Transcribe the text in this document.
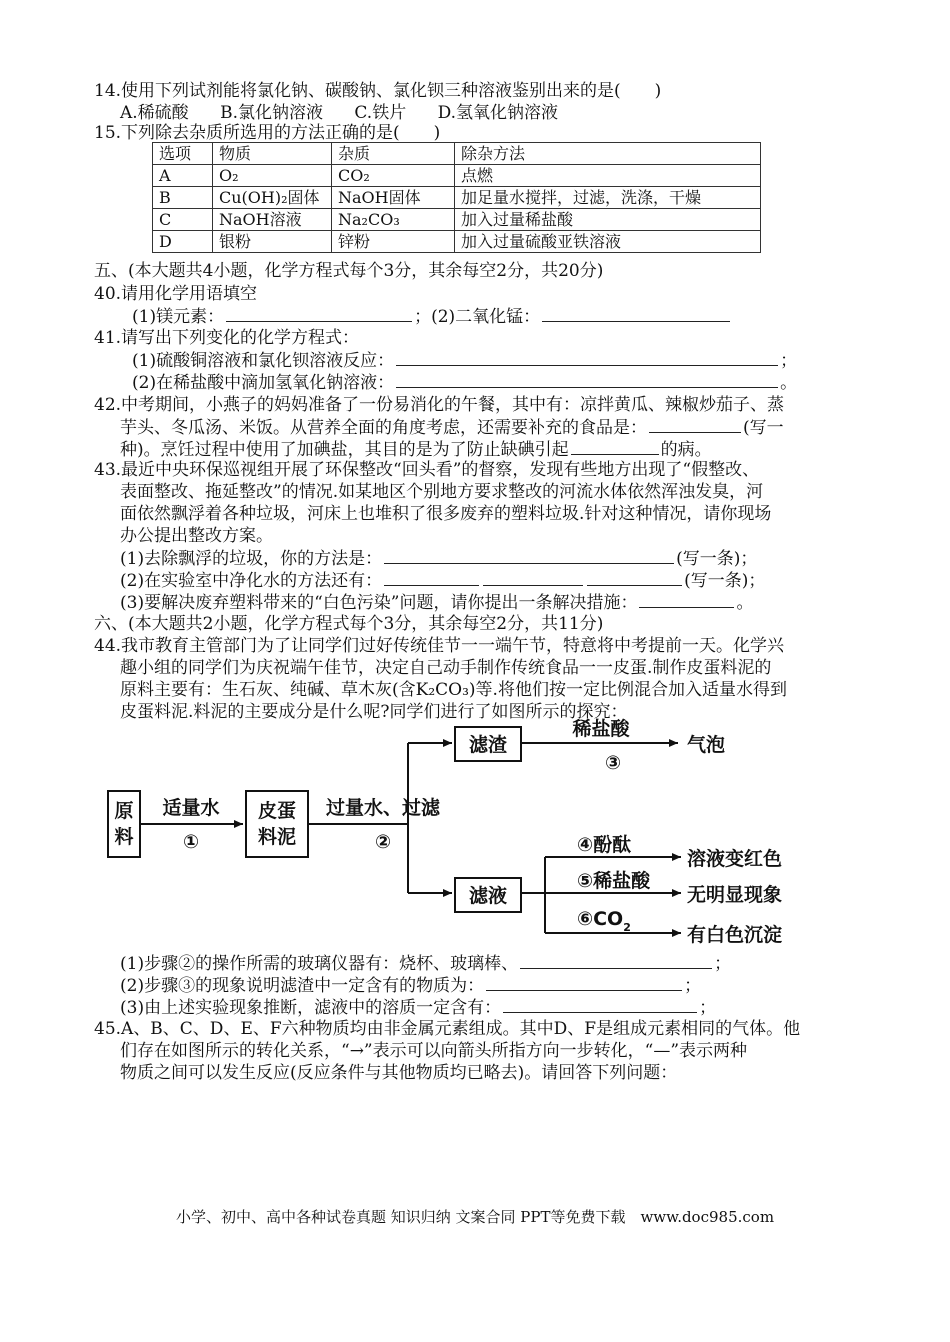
14.使用下列试剂能将氯化钠、碳酸钠、氯化钡三种溶液鉴别出来的是(　　)
A.稀硫酸 B.氯化钠溶液 C.铁片 D.氢氧化钠溶液
15.下列除去杂质所选用的方法正确的是(　　)
选项	物质	杂质	除杂方法
A	O₂	CO₂	点燃
B	Cu(OH)₂固体	NaOH固体	加足量水搅拌，过滤，洗涤，干燥
C	NaOH溶液	Na₂CO₃	加入过量稀盐酸
D	银粉	锌粉	加入过量硫酸亚铁溶液
五、(本大题共4小题，化学方程式每个3分，其余每空2分，共20分)
40.请用化学用语填空
(1)镁元素：	；(2)二氧化锰：
41.请写出下列变化的化学方程式：
(1)硫酸铜溶液和氯化钡溶液反应：	；
(2)在稀盐酸中滴加氢氧化钠溶液：	。
42.中考期间，小燕子的妈妈准备了一份易消化的午餐，其中有：凉拌黄瓜、辣椒炒茄子、蒸
芋头、冬瓜汤、米饭。从营养全面的角度考虑，还需要补充的食品是：	(写一
种)。烹饪过程中使用了加碘盐，其目的是为了防止缺碘引起	的病。
43.最近中央环保巡视组开展了环保整改“回头看”的督察，发现有些地方出现了“假整改、
表面整改、拖延整改”的情况.如某地区个别地方要求整改的河流水体依然浑浊发臭，河
面依然飘浮着各种垃圾，河床上也堆积了很多废弃的塑料垃圾.针对这种情况，请你现场
办公提出整改方案。
(1)去除飘浮的垃圾，你的方法是：	(写一条)；
(2)在实验室中净化水的方法还有：	(写一条)；
(3)要解决废弃塑料带来的“白色污染”问题，请你提出一条解决措施：	。
六、(本大题共2小题，化学方程式每个3分，其余每空2分，共11分)
44.我市教育主管部门为了让同学们过好传统佳节一一端午节，特意将中考提前一天。化学兴
趣小组的同学们为庆祝端午佳节，决定自己动手制作传统食品一一皮蛋.制作皮蛋料泥的
原料主要有：生石灰、纯碱、草木灰(含K₂CO₃)等.将他们按一定比例混合加入适量水得到
皮蛋料泥.料泥的主要成分是什么呢?同学们进行了如图所示的探究：
原
料
适量水
①
皮蛋
料泥
过量水、过滤
②
滤渣
滤液
稀盐酸
③
气泡
④酚酞
溶液变红色
⑤稀盐酸
无明显现象
$⑥CO_2$	有白色沉淀
(1)步骤②的操作所需的玻璃仪器有：烧杯、玻璃棒、	；
(2)步骤③的现象说明滤渣中一定含有的物质为：	；
(3)由上述实验现象推断，滤液中的溶质一定含有：	；
45.A、B、C、D、E、F六种物质均由非金属元素组成。其中D、F是组成元素相同的气体。他
们存在如图所示的转化关系，“→”表示可以向箭头所指方向一步转化，“—”表示两种
物质之间可以发生反应(反应条件与其他物质均已略去)。请回答下列问题：
小学、初中、高中各种试卷真题 知识归纳 文案合同 PPT等免费下载　www.doc985.com
